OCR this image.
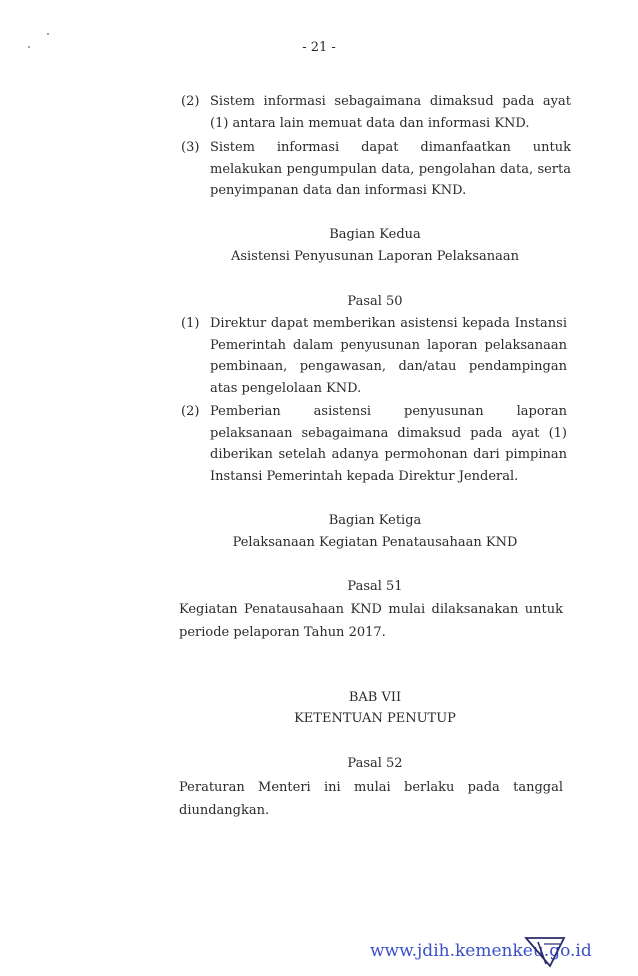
- 21 -
(2) Sistem informasi sebagaimana dimaksud pada ayat (1) antara lain memuat data dan informasi KND.
(3) Sistem informasi dapat dimanfaatkan untuk melakukan pengumpulan data, pengolahan data, serta penyimpanan data dan informasi KND.
Bagian Kedua
Asistensi Penyusunan Laporan Pelaksanaan
Pasal 50
(1) Direktur dapat memberikan asistensi kepada Instansi Pemerintah dalam penyusunan laporan pelaksanaan pembinaan, pengawasan, dan/atau pendampingan atas pengelolaan KND.
(2) Pemberian asistensi penyusunan laporan pelaksanaan sebagaimana dimaksud pada ayat (1) diberikan setelah adanya permohonan dari pimpinan Instansi Pemerintah kepada Direktur Jenderal.
Bagian Ketiga
Pelaksanaan Kegiatan Penatausahaan KND
Pasal 51
Kegiatan Penatausahaan KND mulai dilaksanakan untuk
periode pelaporan Tahun 2017.
BAB VII
KETENTUAN PENUTUP
Pasal 52
Peraturan Menteri ini mulai berlaku pada tanggal
diundangkan.
www.jdih.kemenkeu.go.id
